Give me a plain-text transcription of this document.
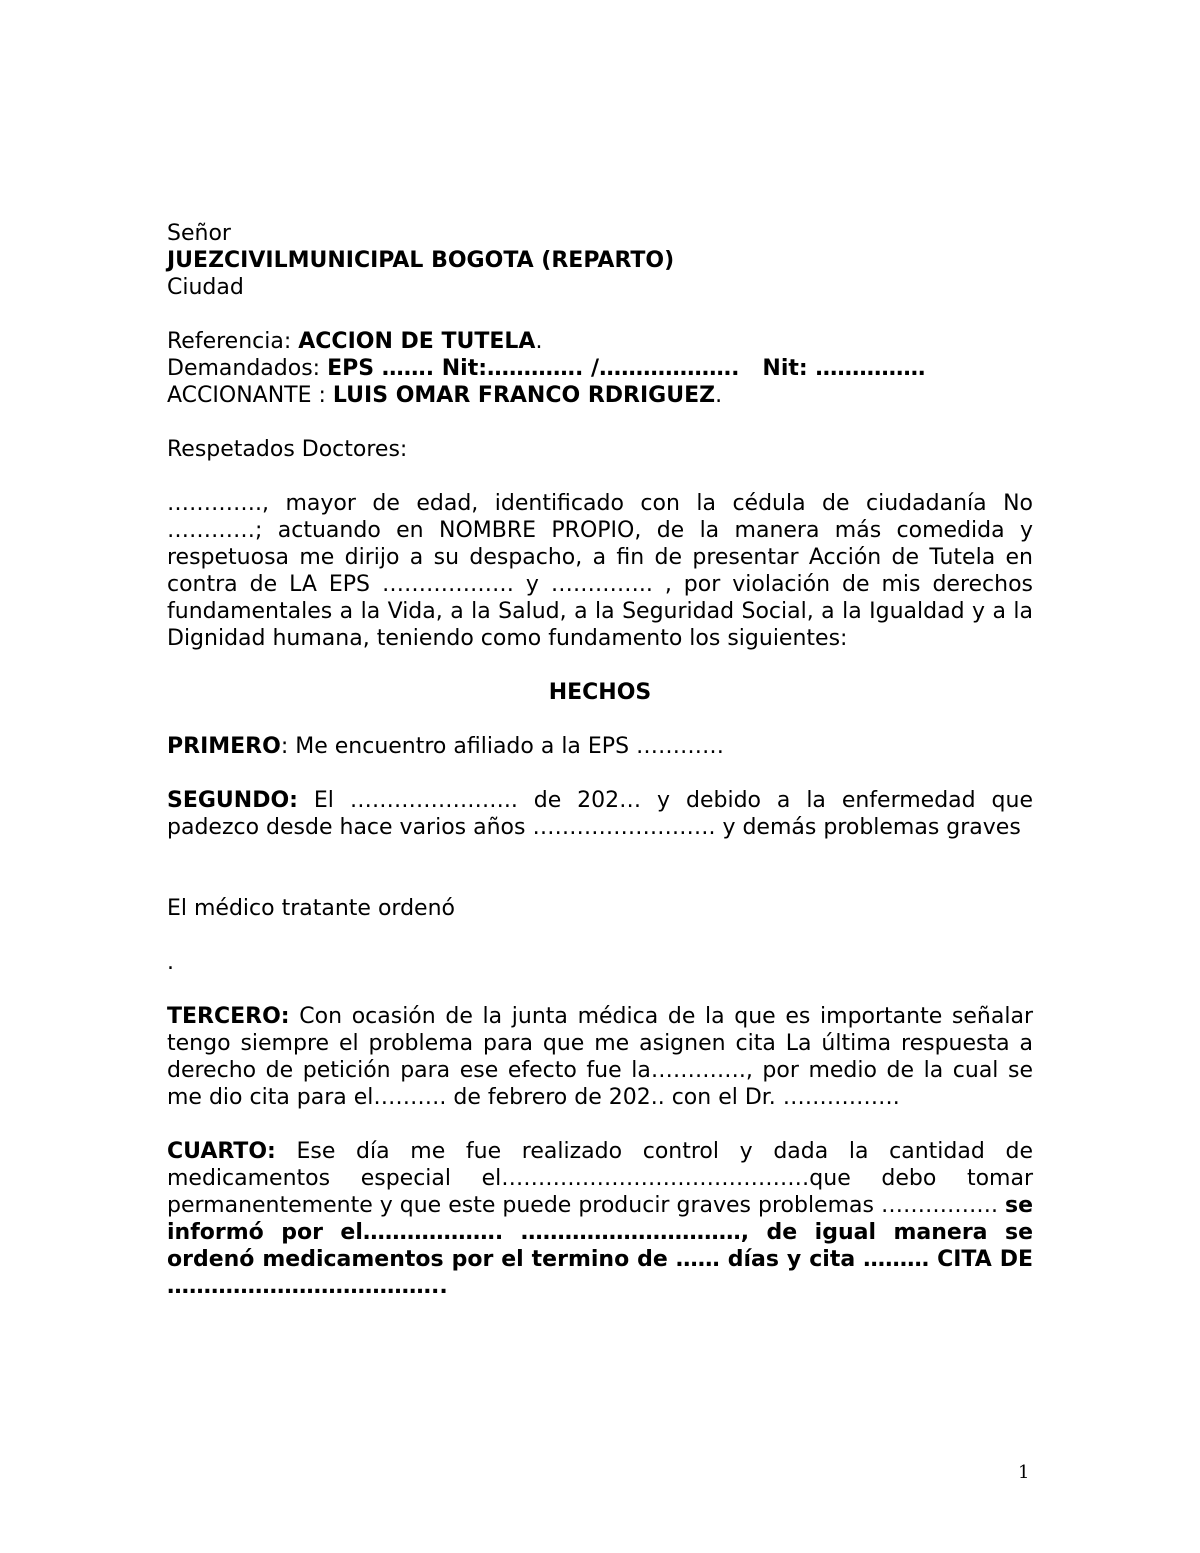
Señor
JUEZCIVILMUNICIPAL BOGOTA (REPARTO)
Ciudad
Referencia: ACCION DE TUTELA.
Demandados: EPS ……. Nit:…………. /……………….   Nit: ……………
ACCIONANTE : LUIS OMAR FRANCO RDRIGUEZ.
Respetados Doctores:
…………., mayor de edad, identificado con la cédula de ciudadanía No …………; actuando en NOMBRE PROPIO, de la manera más comedida y respetuosa me dirijo a su despacho, a fin de presentar Acción de Tutela en contra de LA EPS ……………… y ………….. , por violación de mis derechos fundamentales a la Vida, a la Salud, a la Seguridad Social, a la Igualdad y a la Dignidad humana, teniendo como fundamento los siguientes:
HECHOS
PRIMERO: Me encuentro afiliado a la EPS …………
SEGUNDO: El ………………….. de 202… y debido a la enfermedad que padezco desde hace varios años ……………………. y demás problemas graves
El médico tratante ordenó
.
TERCERO: Con ocasión de la junta médica de la que es importante señalar tengo siempre el problema para que me asignen cita La última respuesta a derecho de petición para ese efecto fue la…………., por medio de la cual se me dio cita para el………. de febrero de 202.. con el Dr. …………….
CUARTO: Ese día me fue realizado control y dada la cantidad de medicamentos especial el……………………………………que debo tomar permanentemente y que este puede producir graves problemas ……………. se informó por el………………. …………………………, de igual manera se ordenó medicamentos por el termino de …… días y cita ……… CITA DE ………………………………..
1
